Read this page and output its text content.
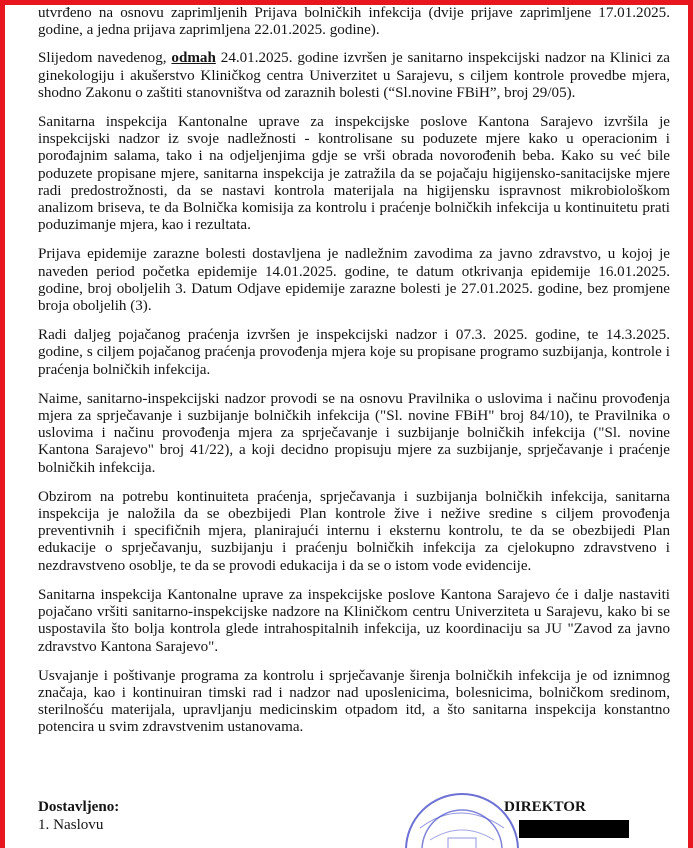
utvrđeno na osnovu zaprimljenih Prijava bolničkih infekcija (dvije prijave zaprimljene 17.01.2025. godine, a jedna prijava zaprimljena 22.01.2025. godine).

Slijedom navedenog, odmah 24.01.2025. godine izvršen je sanitarno inspekcijski nadzor na Klinici za ginekologiju i akušerstvo Kliničkog centra Univerzitet u Sarajevu, s ciljem kontrole provedbe mjera, shodno Zakonu o zaštiti stanovništva od zaraznih bolesti (“Sl.novine FBiH”, broj 29/05).

Sanitarna inspekcija Kantonalne uprave za inspekcijske poslove Kantona Sarajevo izvršila je inspekcijski nadzor iz svoje nadležnosti - kontrolisane su poduzete mjere kako u operacionim i porođajnim salama, tako i na odjeljenjima gdje se vrši obrada novorođenih beba. Kako su već bile poduzete propisane mjere, sanitarna inspekcija je zatražila da se pojačaju higijensko-sanitacijske mjere radi predostrožnosti, da se nastavi kontrola materijala na higijensku ispravnost mikrobiološkom analizom briseva, te da Bolnička komisija za kontrolu i praćenje bolničkih infekcija u kontinuitetu prati poduzimanje mjera, kao i rezultata.

Prijava epidemije zarazne bolesti dostavljena je nadležnim zavodima za javno zdravstvo, u kojoj je naveden period početka epidemije 14.01.2025. godine, te datum otkrivanja epidemije 16.01.2025. godine, broj oboljelih 3. Datum Odjave epidemije zarazne bolesti je 27.01.2025. godine, bez promjene broja oboljelih (3).

Radi daljeg pojačanog praćenja izvršen je inspekcijski nadzor i 07.3. 2025. godine, te 14.3.2025. godine, s ciljem pojačanog praćenja provođenja mjera koje su propisane programo suzbijanja, kontrole i praćenja bolničkih infekcija.

Naime, sanitarno-inspekcijski nadzor provodi se na osnovu Pravilnika o uslovima i načinu provođenja mjera za sprječavanje i suzbijanje bolničkih infekcija ("Sl. novine FBiH" broj 84/10), te Pravilnika o uslovima i načinu provođenja mjera za sprječavanje i suzbijanje bolničkih infekcija ("Sl. novine Kantona Sarajevo" broj 41/22), a koji decidno propisuju mjere za suzbijanje, sprječavanje i praćenje bolničkih infekcija.

Obzirom na potrebu kontinuiteta praćenja, sprječavanja i suzbijanja bolničkih infekcija, sanitarna inspekcija je naložila da se obezbijedi Plan kontrole žive i nežive sredine s ciljem provođenja preventivnih i specifičnih mjera, planirajući internu i eksternu kontrolu, te da se obezbijedi Plan edukacije o sprječavanju, suzbijanju i praćenju bolničkih infekcija za cjelokupno zdravstveno i nezdravstveno osoblje, te da se provodi edukacija i da se o istom vode evidencije.

Sanitarna inspekcija Kantonalne uprave za inspekcijske poslove Kantona Sarajevo će i dalje nastaviti pojačano vršiti sanitarno-inspekcijske nadzore na Kliničkom centru Univerziteta u Sarajevu, kako bi se uspostavila što bolja kontrola glede intrahospitalnih infekcija, uz koordinaciju sa JU "Zavod za javno zdravstvo Kantona Sarajevo".

Usvajanje i poštivanje programa za kontrolu i sprječavanje širenja bolničkih infekcija je od iznimnog značaja, kao i kontinuiran timski rad i nadzor nad uposlenicima, bolesnicima, bolničkom sredinom, sterilnošću materijala, upravljanju medicinskim otpadom itd, a što sanitarna inspekcija konstantno potencira u svim zdravstvenim ustanovama.

Dostavljeno:
1. Naslovu
DIREKTOR
